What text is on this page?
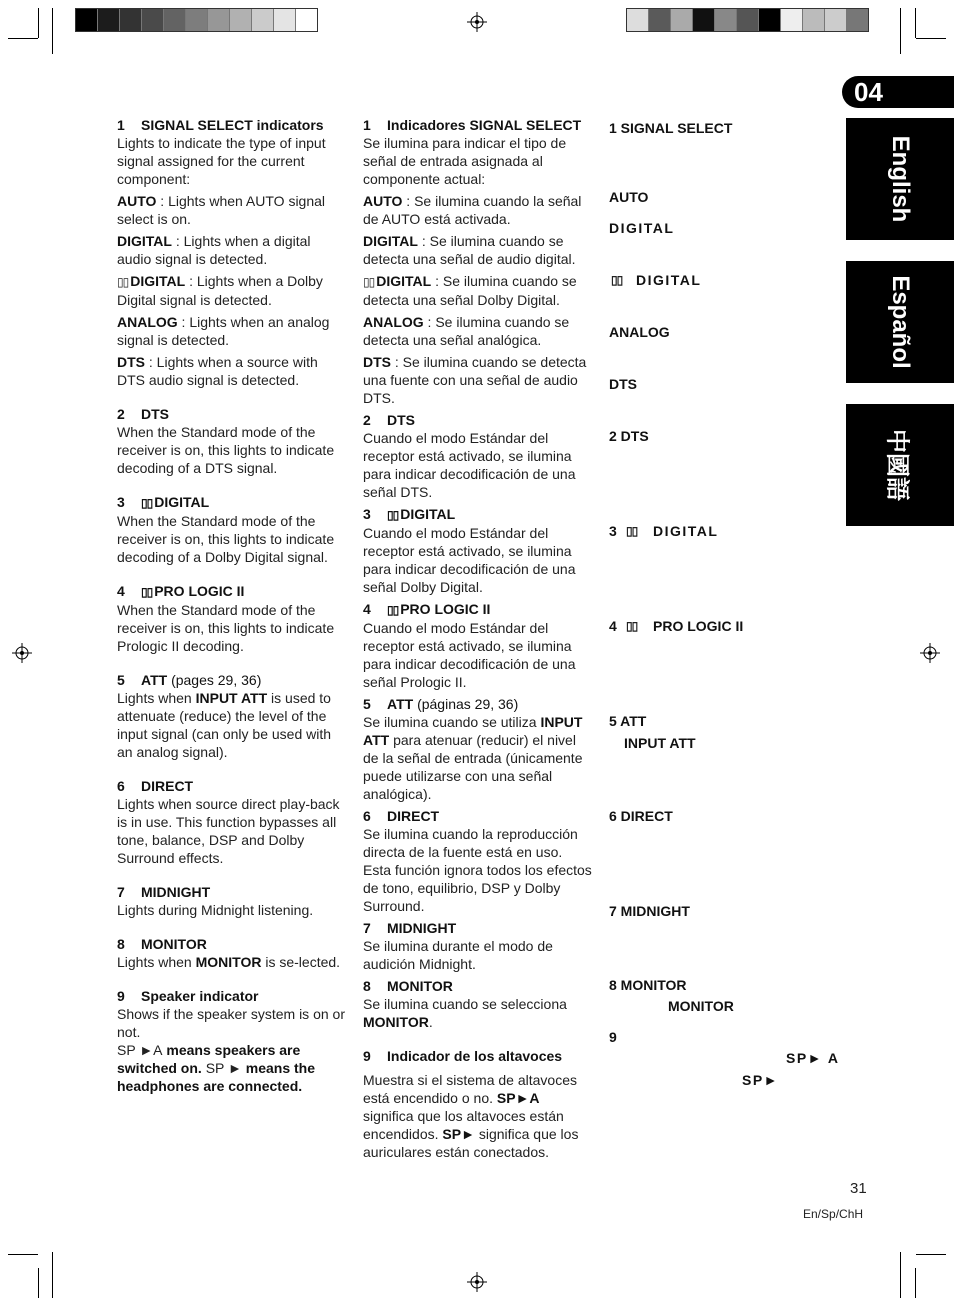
04
English
Español
中國語

1 SIGNAL SELECT indicators

Lights to indicate the type of input signal assigned for the current component:

AUTO : Lights when AUTO signal select is on.

DIGITAL : Lights when a digital audio signal is detected.

▯▯ DIGITAL : Lights when a Dolby Digital signal is detected.

ANALOG : Lights when an analog signal is detected.

DTS : Lights when a source with DTS audio signal is detected.

2 DTS

When the Standard mode of the receiver is on, this lights to indicate decoding of a DTS signal.

3 ▯▯ DIGITAL

When the Standard mode of the receiver is on, this lights to indicate decoding of a Dolby Digital signal.

4 ▯▯ PRO LOGIC II

When the Standard mode of the receiver is on, this lights to indicate Prologic II decoding.

5 ATT (pages 29, 36)

Lights when INPUT ATT is used to attenuate (reduce) the level of the input signal (can only be used with an analog signal).

6 DIRECT

Lights when source direct play-back is in use. This function bypasses all tone, balance, DSP and Dolby Surround effects.

7 MIDNIGHT

Lights during Midnight listening.

8 MONITOR

Lights when MONITOR is se-lected.

9 Speaker indicator

Shows if the speaker system is on or not.

SP ►A means speakers are switched on. SP ► means the headphones are connected.

1 Indicadores SIGNAL SELECT

Se ilumina para indicar el tipo de señal de entrada asignada al componente actual:

AUTO : Se ilumina cuando la señal de AUTO está activada.

DIGITAL : Se ilumina cuando se detecta una señal de audio digital.

▯▯ DIGITAL : Se ilumina cuando se detecta una señal Dolby Digital.

ANALOG : Se ilumina cuando se detecta una señal analógica.

DTS : Se ilumina cuando se detecta una fuente con una señal de audio DTS.

2 DTS

Cuando el modo Estándar del receptor está activado, se ilumina para indicar decodificación de una señal DTS.

3 ▯▯ DIGITAL

Cuando el modo Estándar del receptor está activado, se ilumina para indicar decodificación de una señal Dolby Digital.

4 ▯▯ PRO LOGIC II

Cuando el modo Estándar del receptor está activado, se ilumina para indicar decodificación de una señal Prologic II.

5 ATT (páginas 29, 36)

Se ilumina cuando se utiliza INPUT ATT para atenuar (reducir) el nivel de la señal de entrada (únicamente puede utilizarse con una señal analógica).

6 DIRECT

Se ilumina cuando la reproducción directa de la fuente está en uso. Esta función ignora todos los efectos de tono, equilibrio, DSP y Dolby Surround.

7 MIDNIGHT

Se ilumina durante el modo de audición Midnight.

8 MONITOR

Se ilumina cuando se selecciona MONITOR.

9 Indicador de los altavoces

Muestra si el sistema de altavoces está encendido o no. SP►A significa que los altavoces están encendidos. SP► significa que los auriculares están conectados.

1 SIGNAL SELECT
AUTO
DIGITAL
DIGITAL
ANALOG
DTS
2 DTS
3	DIGITAL
4	PRO LOGIC II
5 ATT
INPUT ATT
6 DIRECT
7 MIDNIGHT
8 MONITOR
MONITOR
9
SP► A
SP►
▯▯
▯▯
▯▯
31
En/Sp/ChH
